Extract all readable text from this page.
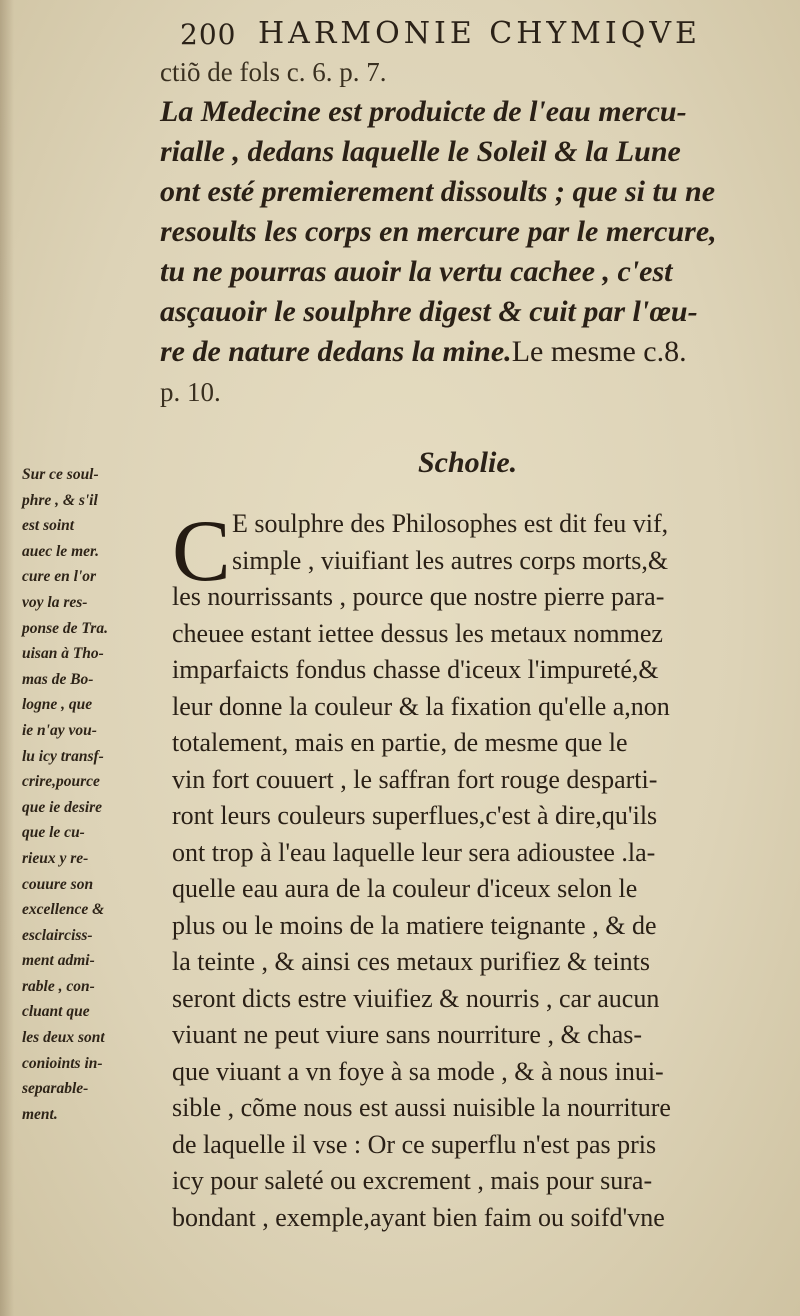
200 HARMONIE CHYMIQVE
ctiõ de fols c. 6. p. 7.
La Medecine est produicte de l'eau mercu-
rialle , dedans laquelle le Soleil & la Lune
ont esté premierement dissoults ; que si tu ne
resoults les corps en mercure par le mercure,
tu ne pourras auoir la vertu cachee , c'est
asçauoir le soulphre digest & cuit par l'œu-
re de nature dedans la mine.Le mesme c.8.
p. 10.
Scholie.
C E soulphre des Philosophes est dit feu vif,
simple , viuifiant les autres corps morts,&
les nourrissants , pource que nostre pierre para-
cheuee estant iettee dessus les metaux nommez
imparfaicts fondus chasse d'iceux l'impureté,&
leur donne la couleur & la fixation qu'elle a,non
totalement, mais en partie, de mesme que le
vin fort couuert , le saffran fort rouge desparti-
ront leurs couleurs superflues,c'est à dire,qu'ils
ont trop à l'eau laquelle leur sera adioustee .la-
quelle eau aura de la couleur d'iceux selon le
plus ou le moins de la matiere teignante , & de
la teinte , & ainsi ces metaux purifiez & teints
seront dicts estre viuifiez & nourris , car aucun
viuant ne peut viure sans nourriture , & chas-
que viuant a vn foye à sa mode , & à nous inui-
sible , cõme nous est aussi nuisible la nourriture
de laquelle il vse : Or ce superflu n'est pas pris
icy pour saleté ou excrement , mais pour sura-
bondant , exemple,ayant bien faim ou soifd'vne
Sur ce soul-
phre , & s'il
est soint
auec le mer.
cure en l'or
voy la res-
ponse de Tra.
uisan à Tho-
mas de Bo-
logne , que
ie n'ay vou-
lu icy transf-
crire,pource
que ie desire
que le cu-
rieux y re-
couure son
excellence &
esclairciss-
ment admi-
rable , con-
cluant que
les deux sont
conioints in-
separable-
ment.
